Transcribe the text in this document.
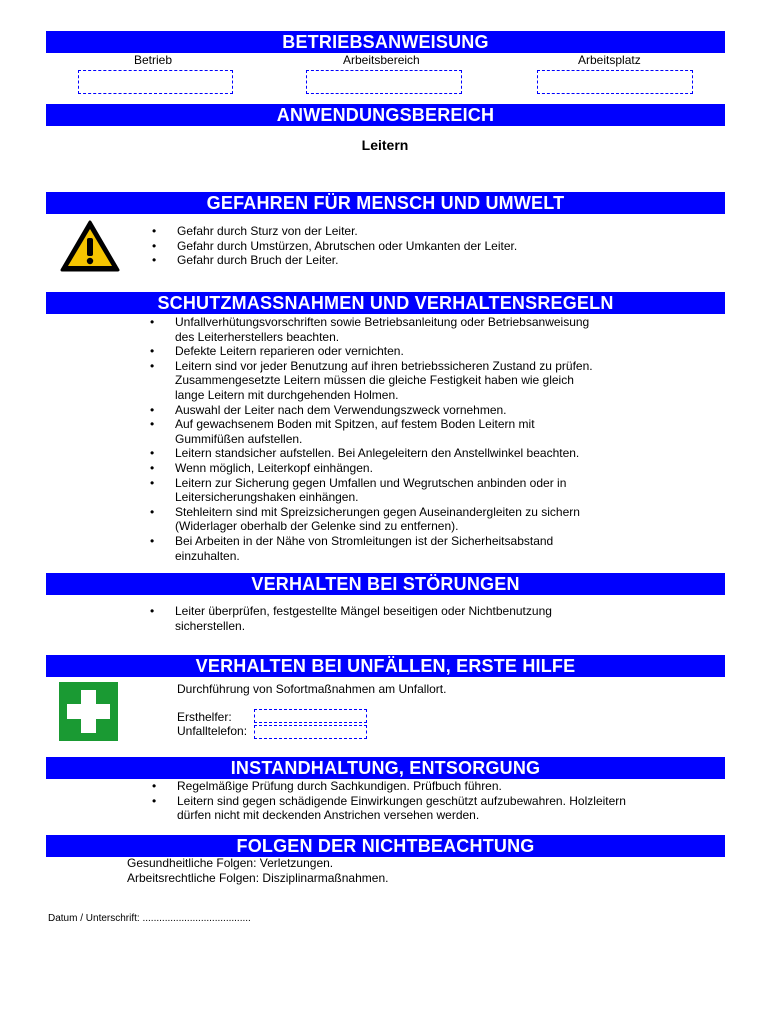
BETRIEBSANWEISUNG
Betrieb	Arbeitsbereich	Arbeitsplatz
ANWENDUNGSBEREICH
Leitern
GEFAHREN FÜR MENSCH UND UMWELT
• Gefahr durch Sturz von der Leiter.
• Gefahr durch Umstürzen, Abrutschen oder Umkanten der Leiter.
• Gefahr durch Bruch der Leiter.
SCHUTZMASSNAHMEN UND VERHALTENSREGELN
• Unfallverhütungsvorschriften sowie Betriebsanleitung oder Betriebsanweisung
des Leiterherstellers beachten.
• Defekte Leitern reparieren oder vernichten.
• Leitern sind vor jeder Benutzung auf ihren betriebssicheren Zustand zu prüfen.
Zusammengesetzte Leitern müssen die gleiche Festigkeit haben wie gleich
lange Leitern mit durchgehenden Holmen.
• Auswahl der Leiter nach dem Verwendungszweck vornehmen.
• Auf gewachsenem Boden mit Spitzen, auf festem Boden Leitern mit
Gummifüßen aufstellen.
• Leitern standsicher aufstellen. Bei Anlegeleitern den Anstellwinkel beachten.
• Wenn möglich, Leiterkopf einhängen.
• Leitern zur Sicherung gegen Umfallen und Wegrutschen anbinden oder in
Leitersicherungshaken einhängen.
• Stehleitern sind mit Spreizsicherungen gegen Auseinandergleiten zu sichern
(Widerlager oberhalb der Gelenke sind zu entfernen).
• Bei Arbeiten in der Nähe von Stromleitungen ist der Sicherheitsabstand
einzuhalten.
VERHALTEN BEI STÖRUNGEN
• Leiter überprüfen, festgestellte Mängel beseitigen oder Nichtbenutzung
sicherstellen.
VERHALTEN BEI UNFÄLLEN, ERSTE HILFE
Durchführung von Sofortmaßnahmen am Unfallort.
Ersthelfer:
Unfalltelefon:
INSTANDHALTUNG, ENTSORGUNG
• Regelmäßige Prüfung durch Sachkundigen. Prüfbuch führen.
• Leitern sind gegen schädigende Einwirkungen geschützt aufzubewahren. Holzleitern
dürfen nicht mit deckenden Anstrichen versehen werden.
FOLGEN DER NICHTBEACHTUNG
Gesundheitliche Folgen: Verletzungen.
Arbeitsrechtliche Folgen: Disziplinarmaßnahmen.
Datum / Unterschrift: .......................................
